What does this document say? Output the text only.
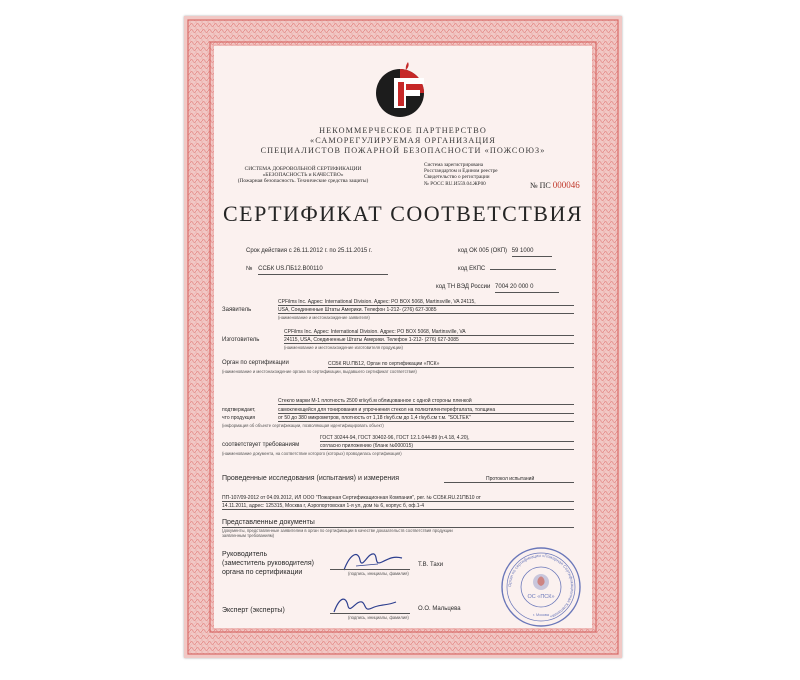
НЕКОММЕРЧЕСКОЕ ПАРТНЕРСТВО
«САМОРЕГУЛИРУЕМАЯ ОРГАНИЗАЦИЯ
СПЕЦИАЛИСТОВ ПОЖАРНОЙ БЕЗОПАСНОСТИ «ПОЖСОЮЗ»
СИСТЕМА ДОБРОВОЛЬНОЙ СЕРТИФИКАЦИИ
«БЕЗОПАСНОСТЬ и КАЧЕСТВО»
(Пожарная безопасность. Технические средства защиты)
Система зарегистрирована
Росстандартом и Едином реестре
Свидетельство о регистрации
№ РОСС RU.И559.04.ЖР00	№ ПС 000046
СЕРТИФИКАТ СООТВЕТСТВИЯ
Срок действия с 26.11.2012 г. по 25.11.2015 г.	код ОК 005 (ОКП) 59 1000
№ ССБК US.ПБ12.В00110	код ЕКПС
код ТН ВЭД России 7004 20 000 0
Заявитель
CPFilms Inc. Адрес: International Division. Адрес: PO BOX 5068, Martinsville, VA 24115,
USA, Соединенные Штаты Америки. Телефон 1-212- (276) 627-3085
(наименование и местонахождение заявителя)
Изготовитель
CPFilms Inc. Адрес: International Division. Адрес: PO BOX 5068, Martinsville, VA
24115, USA, Соединенные Штаты Америки. Телефон 1-212- (276) 627-3085
(наименование и местонахождение изготовителя продукции)
Орган по сертификации	ССБК RU.ПБ12, Орган по сертификации «ПСК»
(наименование и местонахождение органа по сертификации, выдавшего сертификат соответствия)
Стекло марки М-1 плотность 2500 кг/куб.м облицованное с одной стороны пленкой
подтверждает,	самоклеющейся для тонирования и упрочнения стекол на полиэтилентерефталата, толщина
что продукция	от 50 до 380 микрометров, плотность от 1,18 г/куб.см до 1,4 г/куб.см т.м. "SOLTEK"
(информация об объекте сертификации, позволяющая идентифицировать объект)
соответствует требованиям
ГОСТ 30244-94, ГОСТ 30402-96, ГОСТ 12.1.044-89 (п.4.18, 4.20),
согласно приложению (бланк №000015)
(наименование документа, на соответствие которого (которых) проводилась сертификация)
Проведенные исследования (испытания) и измерения	Протокол испытаний
ПП-107/09-2012 от 04.09.2012, ИЛ ООО "Пожарная Сертификационная Компания", рег. № ССБК.RU.21ПБ10 от
14.11.2011, адрес: 125315, Москва г, Аэропортовская 1-я ул, дом № 6, корпус б, оф.1-4
Представленные документы
(документы, представленные заявителем в орган по сертификации в качестве доказательств соответствия продукции
заявленным требованиям)
Руководитель
(заместитель руководителя)
органа по сертификации
Т.В. Тахи
(подпись, инициалы, фамилия)
Эксперт (эксперты)	О.О. Мальцева
(подпись, инициалы, фамилия)
Орган по сертификации «Пожарная Сертификационная Компания»
ОС «ПСК»
г. Москва
